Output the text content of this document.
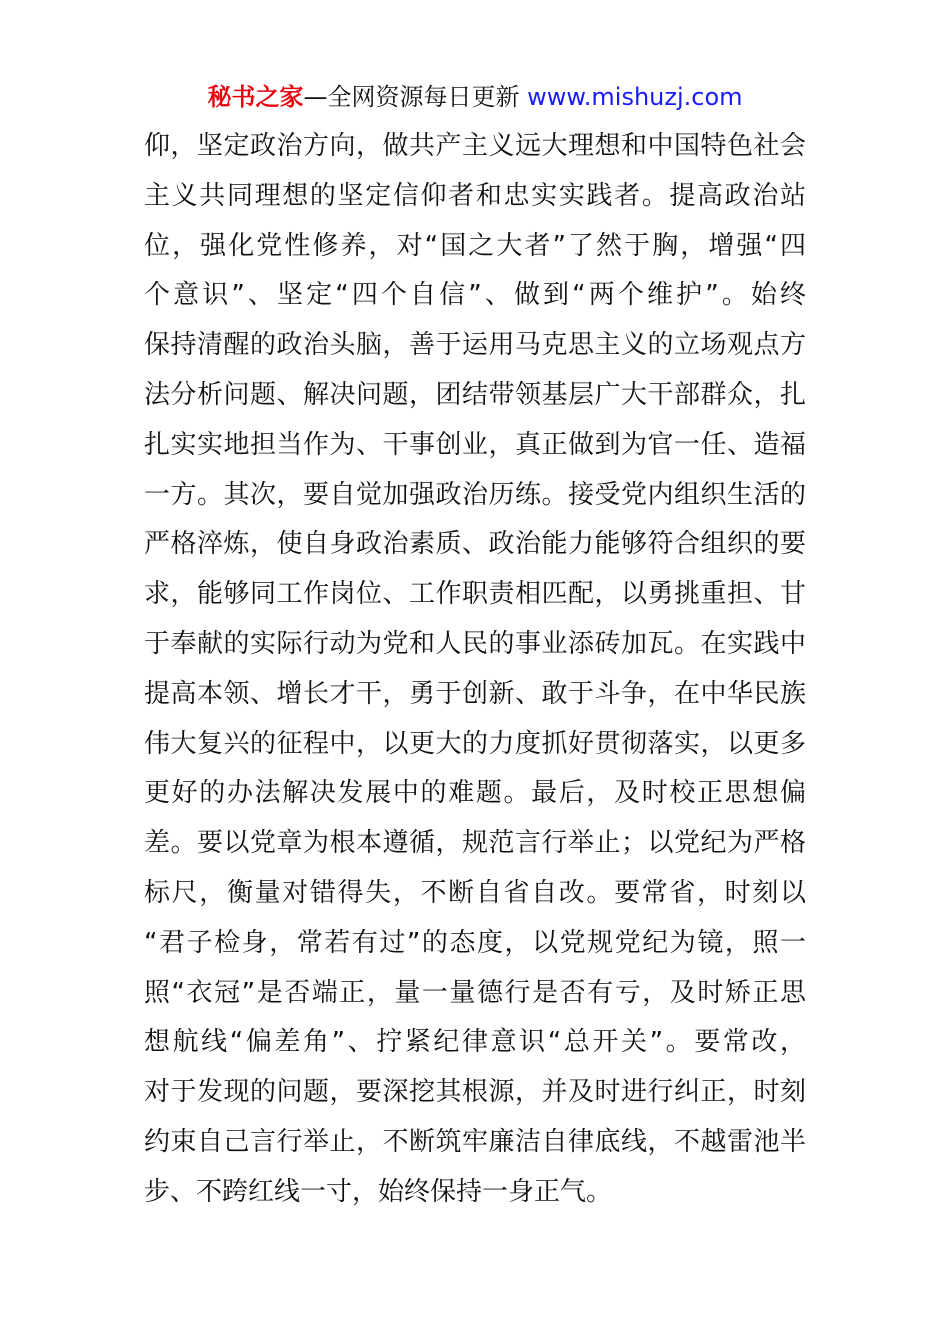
秘书之家—全网资源每日更新 www.mishuzj.com
仰，坚定政治方向，做共产主义远大理想和中国特色社会
主义共同理想的坚定信仰者和忠实实践者。提高政治站
位，强化党性修养，对“国之大者”了然于胸，增强“四
个意识”、坚定“四个自信”、做到“两个维护”。始终
保持清醒的政治头脑，善于运用马克思主义的立场观点方
法分析问题、解决问题，团结带领基层广大干部群众，扎
扎实实地担当作为、干事创业，真正做到为官一任、造福
一方。其次，要自觉加强政治历练。接受党内组织生活的
严格淬炼，使自身政治素质、政治能力能够符合组织的要
求，能够同工作岗位、工作职责相匹配，以勇挑重担、甘
于奉献的实际行动为党和人民的事业添砖加瓦。在实践中
提高本领、增长才干，勇于创新、敢于斗争，在中华民族
伟大复兴的征程中，以更大的力度抓好贯彻落实，以更多
更好的办法解决发展中的难题。最后，及时校正思想偏
差。要以党章为根本遵循，规范言行举止；以党纪为严格
标尺，衡量对错得失，不断自省自改。要常省，时刻以
“君子检身，常若有过”的态度，以党规党纪为镜，照一
照“衣冠”是否端正，量一量德行是否有亏，及时矫正思
想航线“偏差角”、拧紧纪律意识“总开关”。要常改，
对于发现的问题，要深挖其根源，并及时进行纠正，时刻
约束自己言行举止，不断筑牢廉洁自律底线，不越雷池半
步、不跨红线一寸，始终保持一身正气。
